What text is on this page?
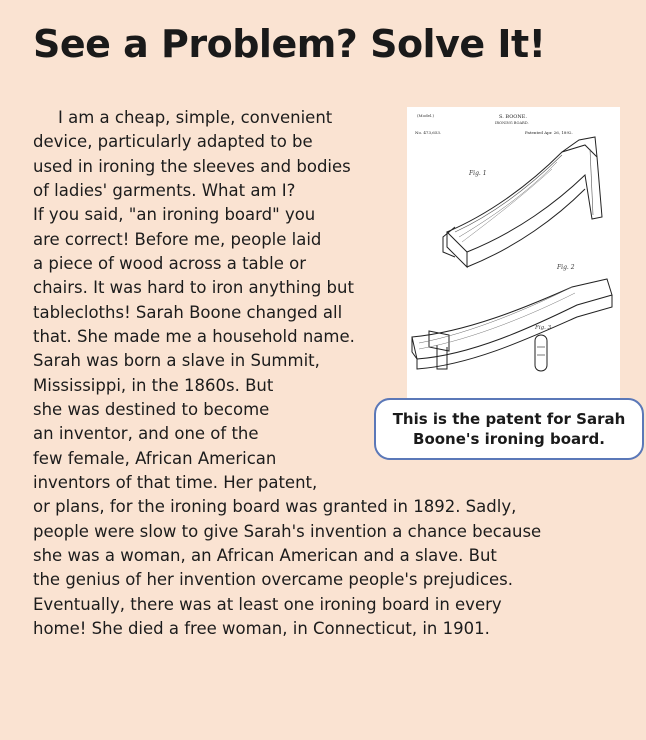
See a Problem? Solve It!
(Model.)	S. BOONE.
IRONING BOARD.
No. 473,653.	Patented Apr. 26, 1892.
Fig. 1
Fig. 2
Fig. 3
This is the patent for Sarah Boone's ironing board.

I am a cheap, simple, convenient

device, particularly adapted to be

used in ironing the sleeves and bodies

of ladies' garments. What am I?

If you said, "an ironing board" you

are correct! Before me, people laid

a piece of wood across a table or

chairs. It was hard to iron anything but

tablecloths! Sarah Boone changed all

that. She made me a household name.

Sarah was born a slave in Summit,

Mississippi, in the 1860s. But

she was destined to become

an inventor, and one of the

few female, African American

inventors of that time. Her patent,

or plans, for the ironing board was granted in 1892. Sadly,

people were slow to give Sarah's invention a chance because

she was a woman, an African American and a slave. But

the genius of her invention overcame people's prejudices.

Eventually, there was at least one ironing board in every

home! She died a free woman, in Connecticut, in 1901.
